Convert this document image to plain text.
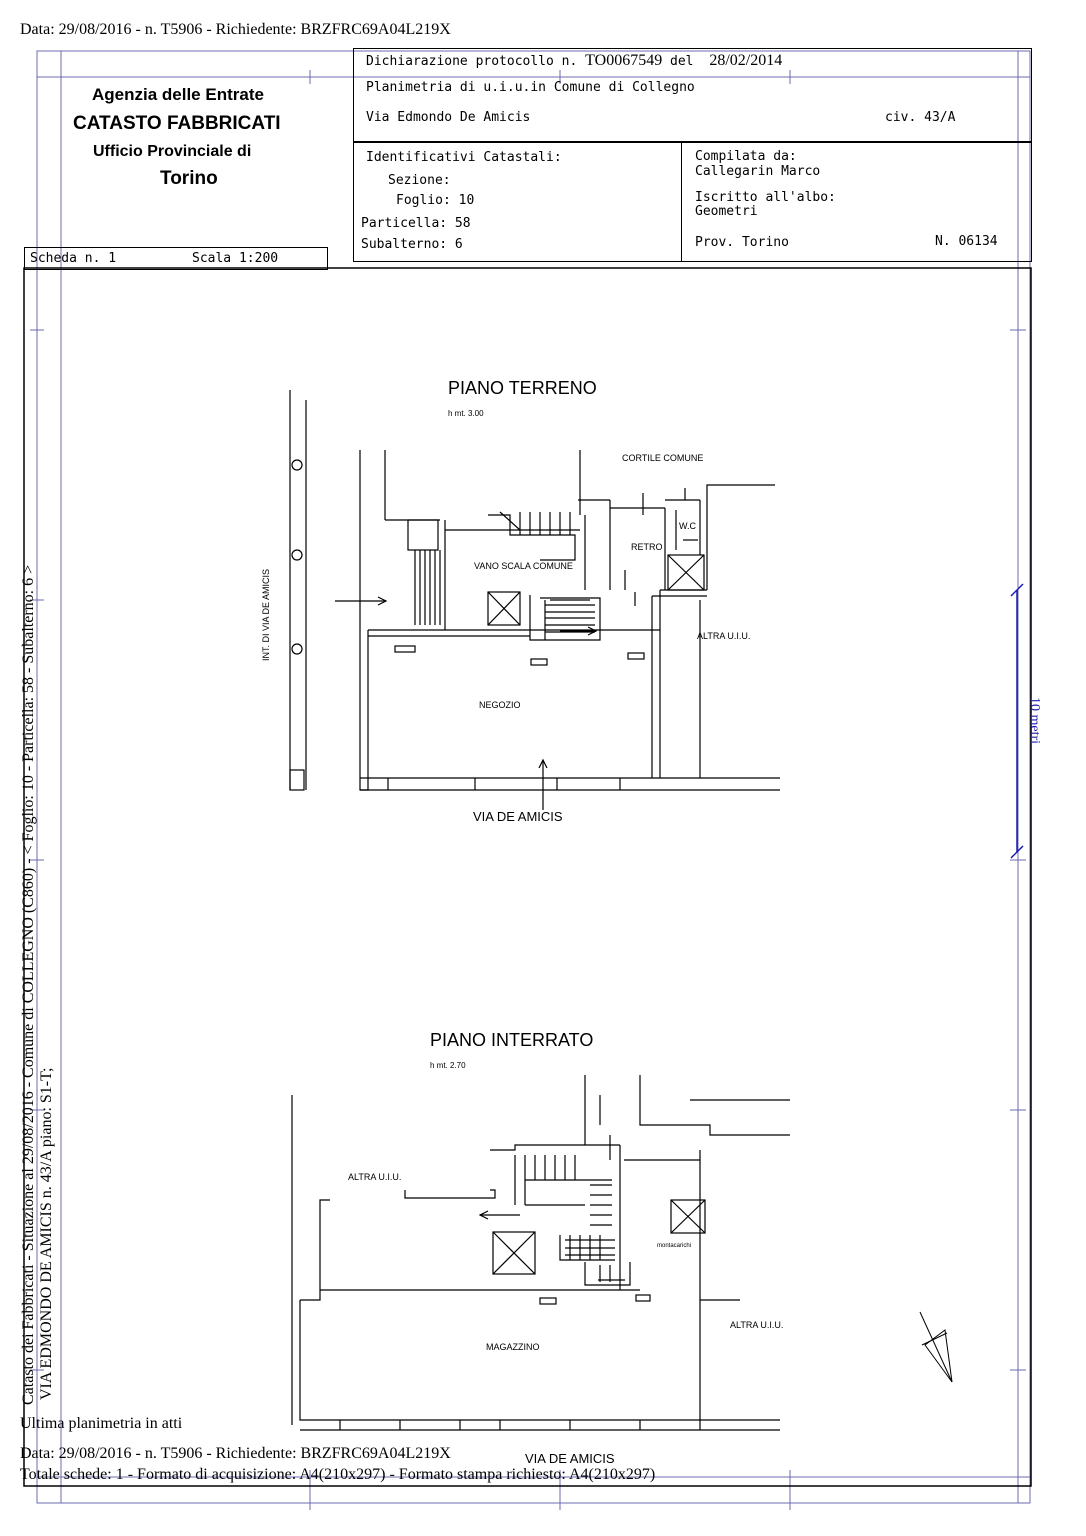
Data: 29/08/2016 - n. T5906 - Richiedente: BRZFRC69A04L219X
Agenzia delle Entrate
CATASTO FABBRICATI
Ufficio Provinciale di
Torino
Dichiarazione protocollo n. TO0067549 del 28/02/2014
Planimetria di u.i.u.in Comune di Collegno
Via Edmondo De Amicis	civ. 43/A
Identificativi Catastali:
Sezione:
Foglio: 10
Particella: 58
Subalterno: 6
Compilata da:
Callegarin Marco
Iscritto all'albo:
Geometri
Prov. Torino	N. 06134
Scheda n. 1	Scala 1:200
Catasto dei Fabbricati - Situazione al 29/08/2016 - Comune di COLLEGNO (C860) - < Foglio: 10 - Particella: 58 - Subalterno: 6 > VIA EDMONDO DE AMICIS n. 43/A piano: S1-T;
10 metri
PIANO TERRENO
h mt. 3.00
CORTILE COMUNE
W.C
RETRO
VANO SCALA COMUNE
INT. DI VIA DE AMICIS	ALTRA U.I.U.
NEGOZIO
VIA DE AMICIS
PIANO INTERRATO
h mt. 2.70
ALTRA U.I.U.
montacarichi
ALTRA U.I.U.
MAGAZZINO
VIA DE AMICIS
Ultima planimetria in atti
Data: 29/08/2016 - n. T5906 - Richiedente: BRZFRC69A04L219X
Totale schede: 1 - Formato di acquisizione: A4(210x297) - Formato stampa richiesto: A4(210x297)
